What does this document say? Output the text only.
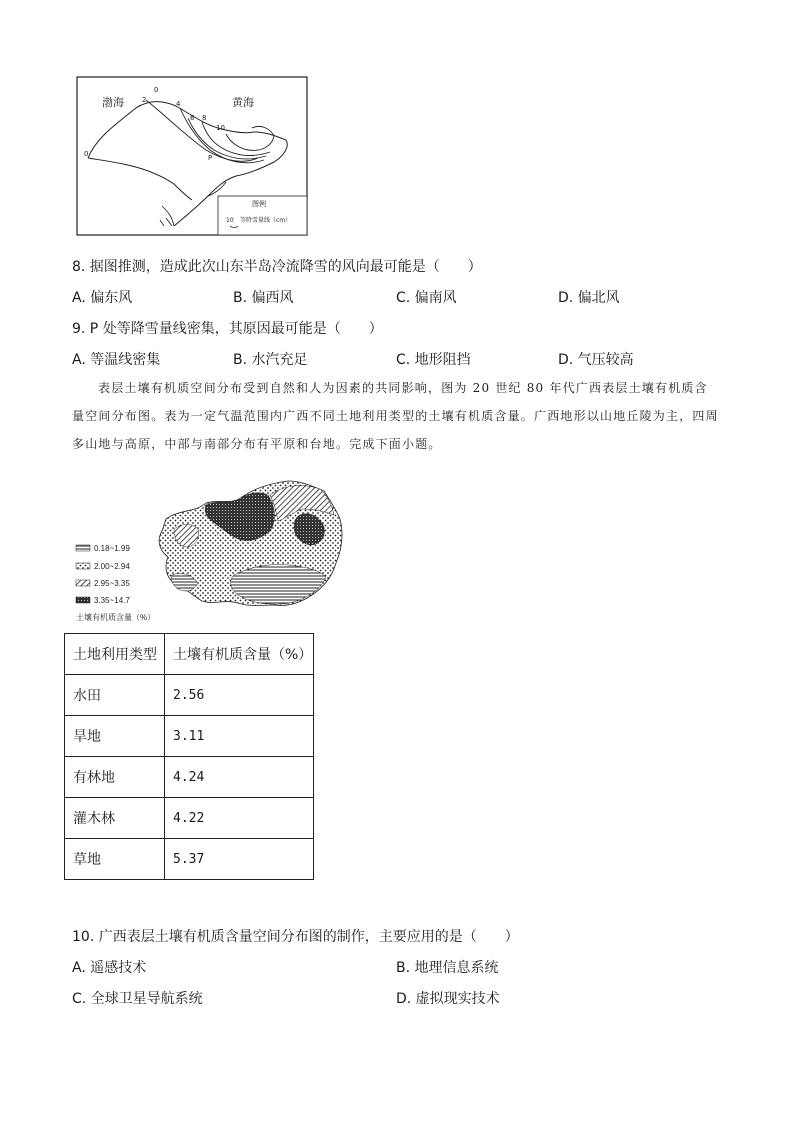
渤海	黄海
2
0
4
6 8
10
0	P
图例
10 等降雪量线（cm）
8. 据图推测，造成此次山东半岛冷流降雪的风向最可能是（　　）
A. 偏东风	B. 偏西风	C. 偏南风	D. 偏北风
9. P 处等降雪量线密集，其原因最可能是（　　）
A. 等温线密集	B. 水汽充足	C. 地形阻挡	D. 气压较高
表层土壤有机质空间分布受到自然和人为因素的共同影响，图为 20 世纪 80 年代广西表层土壤有机质含量空间分布图。表为一定气温范围内广西不同土地利用类型的土壤有机质含量。广西地形以山地丘陵为主，四周多山地与高原，中部与南部分布有平原和台地。完成下面小题。
0.18~1.99
2.00~2.94
2.95~3.35
3.35~14.7
土壤有机质含量（%）
土地利用类型	土壤有机质含量（%）
水田	2.56
旱地	3.11
有林地	4.24
灌木林	4.22
草地	5.37
10. 广西表层土壤有机质含量空间分布图的制作，主要应用的是（　　）
A. 遥感技术	B. 地理信息系统
C. 全球卫星导航系统	D. 虚拟现实技术
